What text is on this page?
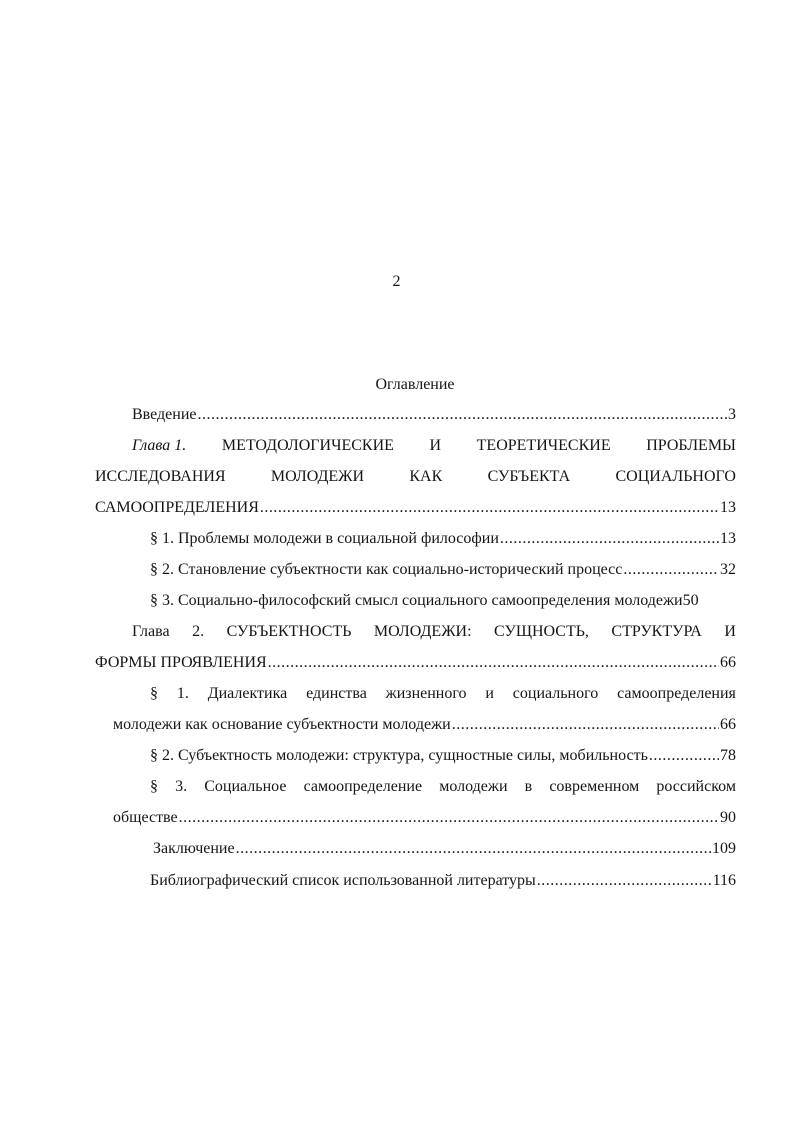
2
Оглавление
Введение .....	3
Глава 1. МЕТОДОЛОГИЧЕСКИЕ И ТЕОРЕТИЧЕСКИЕ ПРОБЛЕМЫ
ИССЛЕДОВАНИЯ	МОЛОДЕЖИ	КАК	СУБЪЕКТА	СОЦИАЛЬНОГО
САМООПРЕДЕЛЕНИЯ .....	13
§ 1. Проблемы молодежи в социальной философии .....	13
§ 2. Становление субъектности как социально-исторический процесс .....	32
§ 3. Социально-философский смысл социального самоопределения молодежи 50
Глава 2. СУБЪЕКТНОСТЬ МОЛОДЕЖИ: СУЩНОСТЬ, СТРУКТУРА И
ФОРМЫ ПРОЯВЛЕНИЯ .....	66
§ 1. Диалектика единства жизненного и социального самоопределения
молодежи как основание субъектности молодежи .....	66
§ 2. Субъектность молодежи: структура, сущностные силы, мобильность .....	78
§ 3. Социальное самоопределение молодежи в современном российском
обществе .....	90
Заключение .....	109
Библиографический список использованной литературы .....	116
